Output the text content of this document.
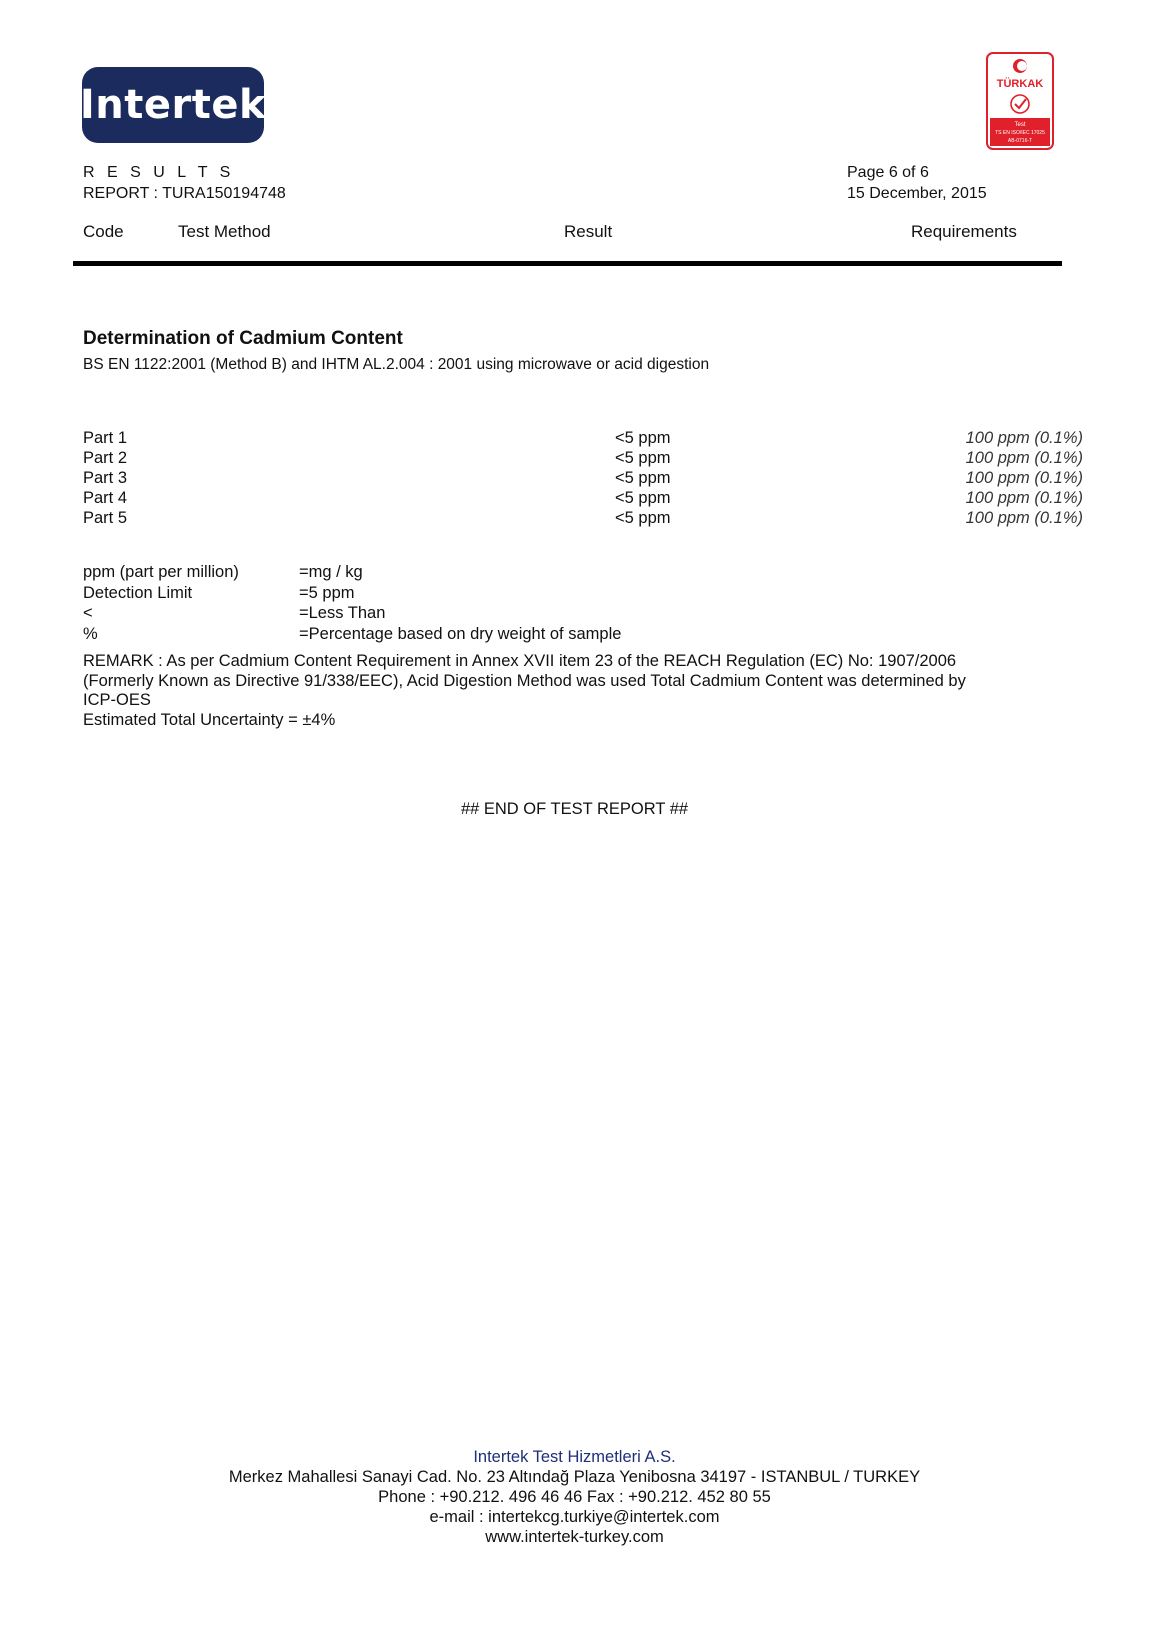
Intertek	TÜRKAK
Test
TS EN ISO/IEC 17025
AB-0716-T
R E S U L T S
REPORT : TURA150194748
Page 6 of 6
15 December, 2015
Code	Test Method	Result	Requirements
Determination of Cadmium Content
BS EN 1122:2001 (Method B) and IHTM AL.2.004 : 2001 using microwave or acid digestion
Part 1	<5 ppm	100 ppm (0.1%)
Part 2	<5 ppm	100 ppm (0.1%)
Part 3	<5 ppm	100 ppm (0.1%)
Part 4	<5 ppm	100 ppm (0.1%)
Part 5	<5 ppm	100 ppm (0.1%)
ppm (part per million)	=mg / kg
Detection Limit	=5 ppm
<	=Less Than
%	=Percentage based on dry weight of sample
REMARK : As per Cadmium Content Requirement in Annex XVII item 23 of the REACH Regulation (EC) No: 1907/2006
(Formerly Known as Directive 91/338/EEC), Acid Digestion Method was used Total Cadmium Content was determined by
ICP-OES
Estimated Total Uncertainty = ±4%
## END OF TEST REPORT ##
Intertek Test Hizmetleri A.S.
Merkez Mahallesi Sanayi Cad. No. 23 Altındağ Plaza Yenibosna 34197 - ISTANBUL / TURKEY
Phone : +90.212. 496 46 46 Fax : +90.212. 452 80 55
e-mail : intertekcg.turkiye@intertek.com
www.intertek-turkey.com
